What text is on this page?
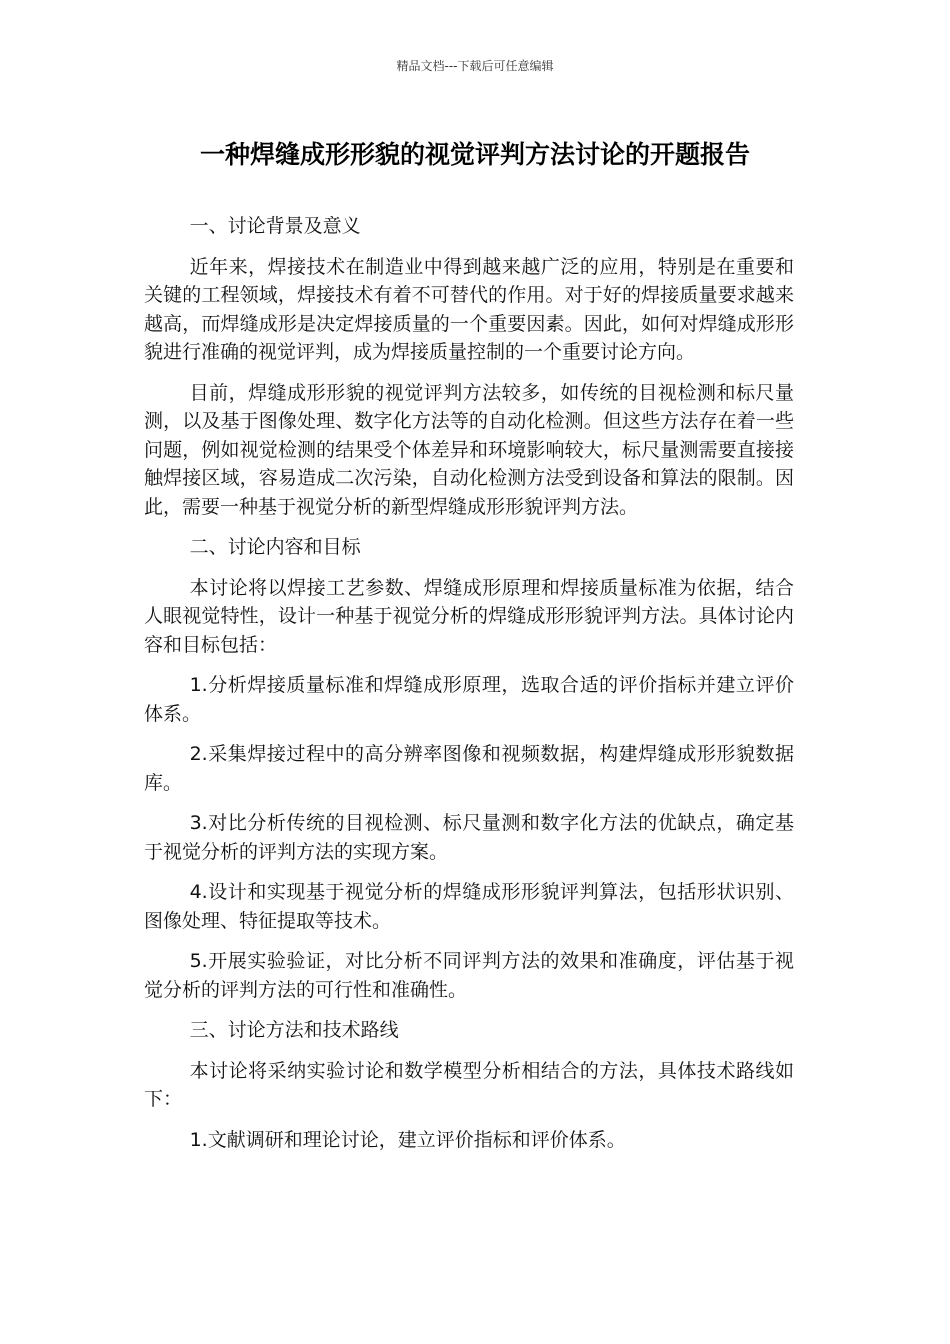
精品文档---下载后可任意编辑
一种焊缝成形形貌的视觉评判方法讨论的开题报告

一、讨论背景及意义

近年来，焊接技术在制造业中得到越来越广泛的应用，特别是在重要和关键的工程领域，焊接技术有着不可替代的作用。对于好的焊接质量要求越来越高，而焊缝成形是决定焊接质量的一个重要因素。因此，如何对焊缝成形形貌进行准确的视觉评判，成为焊接质量控制的一个重要讨论方向。

目前，焊缝成形形貌的视觉评判方法较多，如传统的目视检测和标尺量测，以及基于图像处理、数字化方法等的自动化检测。但这些方法存在着一些问题，例如视觉检测的结果受个体差异和环境影响较大，标尺量测需要直接接触焊接区域，容易造成二次污染，自动化检测方法受到设备和算法的限制。因此，需要一种基于视觉分析的新型焊缝成形形貌评判方法。

二、讨论内容和目标

本讨论将以焊接工艺参数、焊缝成形原理和焊接质量标准为依据，结合人眼视觉特性，设计一种基于视觉分析的焊缝成形形貌评判方法。具体讨论内容和目标包括：

1.分析焊接质量标准和焊缝成形原理，选取合适的评价指标并建立评价体系。

2.采集焊接过程中的高分辨率图像和视频数据，构建焊缝成形形貌数据库。

3.对比分析传统的目视检测、标尺量测和数字化方法的优缺点，确定基于视觉分析的评判方法的实现方案。

4.设计和实现基于视觉分析的焊缝成形形貌评判算法，包括形状识别、图像处理、特征提取等技术。

5.开展实验验证，对比分析不同评判方法的效果和准确度，评估基于视觉分析的评判方法的可行性和准确性。

三、讨论方法和技术路线

本讨论将采纳实验讨论和数学模型分析相结合的方法，具体技术路线如下：

1.文献调研和理论讨论，建立评价指标和评价体系。
